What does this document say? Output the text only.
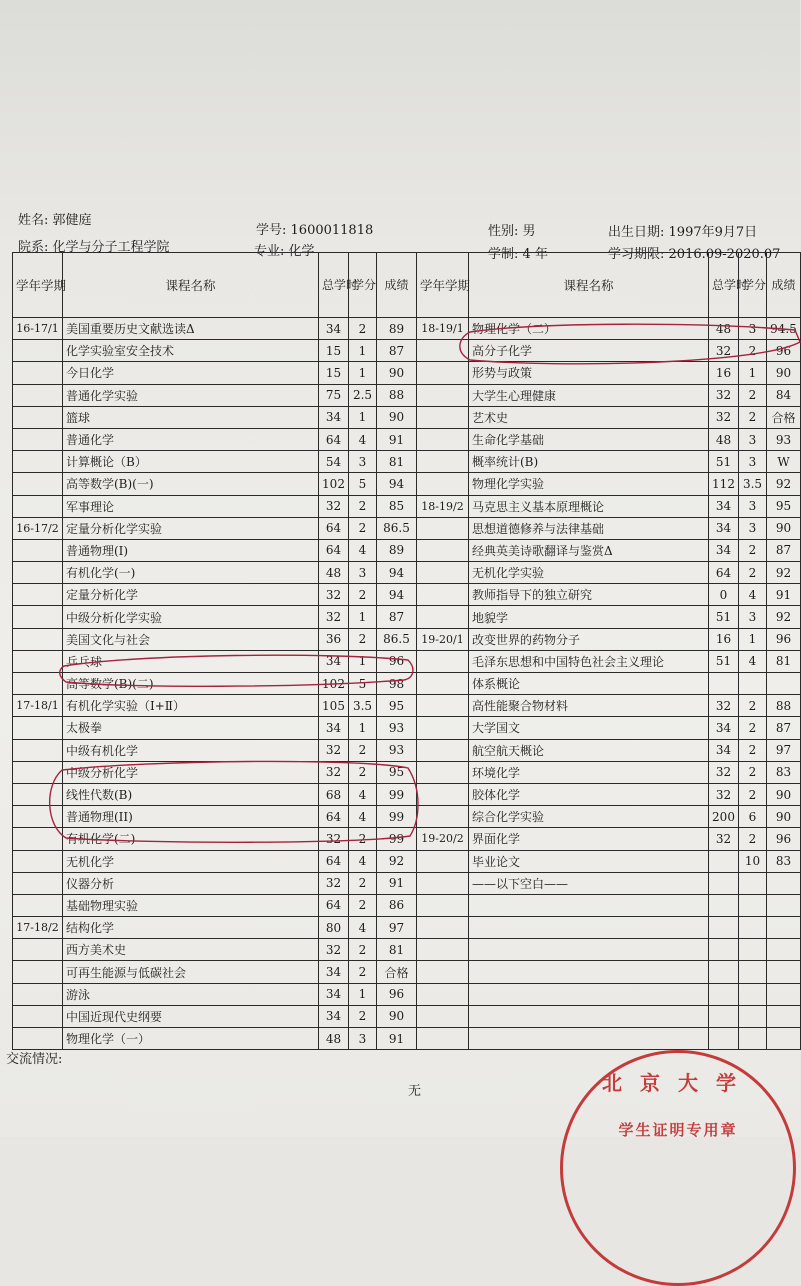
姓名: 郭健庭
学号: 1600011818	性别: 男	出生日期: 1997年9月7日
院系: 化学与分子工程学院	专业: 化学	学制: 4 年	学习期限: 2016.09-2020.07
学年学期	课程名称	总学时	学分	成绩	学年学期	课程名称	总学时	学分	成绩
16-17/1	美国重要历史文献选读Δ	34	2	89	18-19/1	物理化学（二）	48	3	94.5
	化学实验室安全技术	15	1	87		高分子化学	32	2	96
	今日化学	15	1	90		形势与政策	16	1	90
	普通化学实验	75	2.5	88		大学生心理健康	32	2	84
	篮球	34	1	90		艺术史	32	2	合格
	普通化学	64	4	91		生命化学基础	48	3	93
	计算概论（B）	54	3	81		概率统计(B)	51	3	W
	高等数学(B)(一)	102	5	94		物理化学实验	112	3.5	92
	军事理论	32	2	85	18-19/2	马克思主义基本原理概论	34	3	95
16-17/2	定量分析化学实验	64	2	86.5		思想道德修养与法律基础	34	3	90
	普通物理(I)	64	4	89		经典英美诗歌翻译与鉴赏Δ	34	2	87
	有机化学(一)	48	3	94		无机化学实验	64	2	92
	定量分析化学	32	2	94		教师指导下的独立研究	0	4	91
	中级分析化学实验	32	1	87		地貌学	51	3	92
	美国文化与社会	36	2	86.5	19-20/1	改变世界的药物分子	16	1	96
	乒乓球	34	1	96		毛泽东思想和中国特色社会主义理论	51	4	81
	高等数学(B)(二)	102	5	98		体系概论			
17-18/1	有机化学实验（Ⅰ+Ⅱ）	105	3.5	95		高性能聚合物材料	32	2	88
	太极拳	34	1	93		大学国文	34	2	87
	中级有机化学	32	2	93		航空航天概论	34	2	97
	中级分析化学	32	2	95		环境化学	32	2	83
	线性代数(B)	68	4	99		胶体化学	32	2	90
	普通物理(II)	64	4	99		综合化学实验	200	6	90
	有机化学(二)	32	2	99	19-20/2	界面化学	32	2	96
	无机化学	64	4	92		毕业论文		10	83
	仪器分析	32	2	91		——以下空白——			
	基础物理实验	64	2	86					
17-18/2	结构化学	80	4	97					
	西方美术史	32	2	81					
	可再生能源与低碳社会	34	2	合格					
	游泳	34	1	96					
	中国近现代史纲要	34	2	90					
	物理化学（一）	48	3	91					
交流情况:
无	北京大学
学生证明专用章
